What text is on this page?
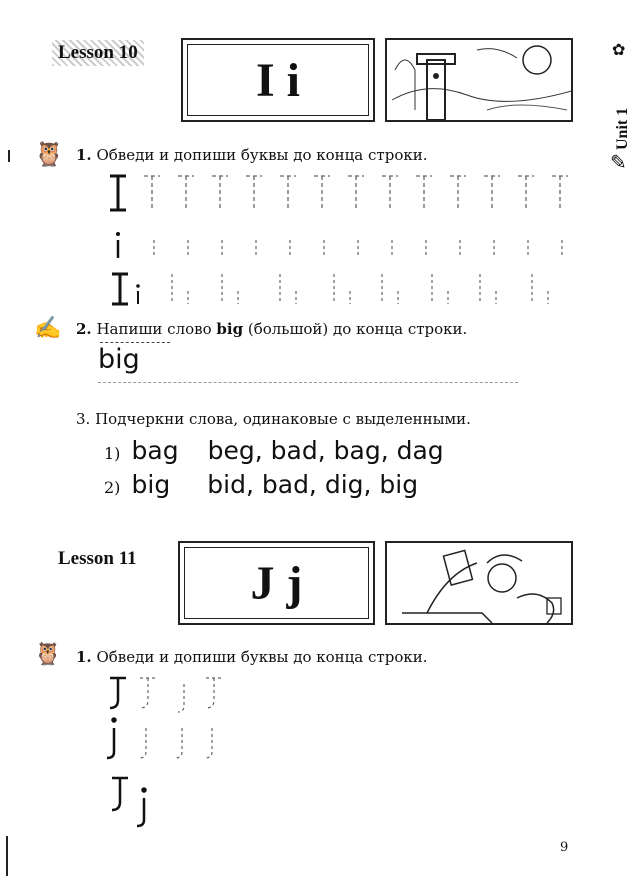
Lesson 10
I i
Unit 1
✿
✎
🦉 1. Обведи и допиши буквы до конца строки.
✍ 2. Напиши слово big (большой) до конца строки.
big
3. Подчеркни слова, одинаковые с выделенными.
1) bag beg, bad, bag, dag
2) big bid, bad, dig, big
Lesson 11 J j
🦉 1. Обведи и допиши буквы до конца строки.
9
